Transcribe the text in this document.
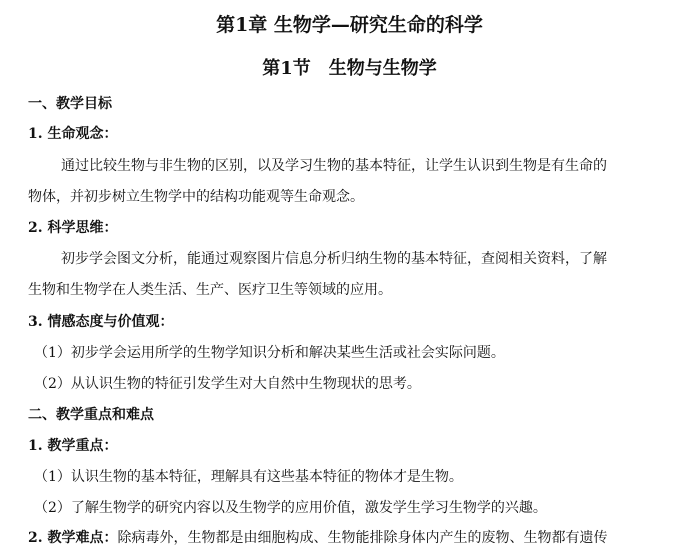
第1章 生物学—研究生命的科学
第1节 生物与生物学
一、教学目标
1. 生命观念：
通过比较生物与非生物的区别，以及学习生物的基本特征，让学生认识到生物是有生命的
物体，并初步树立生物学中的结构功能观等生命观念。
2. 科学思维：
初步学会图文分析，能通过观察图片信息分析归纳生物的基本特征，查阅相关资料，了解
生物和生物学在人类生活、生产、医疗卫生等领域的应用。
3. 情感态度与价值观：
（1）初步学会运用所学的生物学知识分析和解决某些生活或社会实际问题。
（2）从认识生物的特征引发学生对大自然中生物现状的思考。
二、教学重点和难点
1. 教学重点：
（1）认识生物的基本特征，理解具有这些基本特征的物体才是生物。
（2）了解生物学的研究内容以及生物学的应用价值，激发学生学习生物学的兴趣。
2. 教学难点：除病毒外，生物都是由细胞构成、生物能排除身体内产生的废物、生物都有遗传
